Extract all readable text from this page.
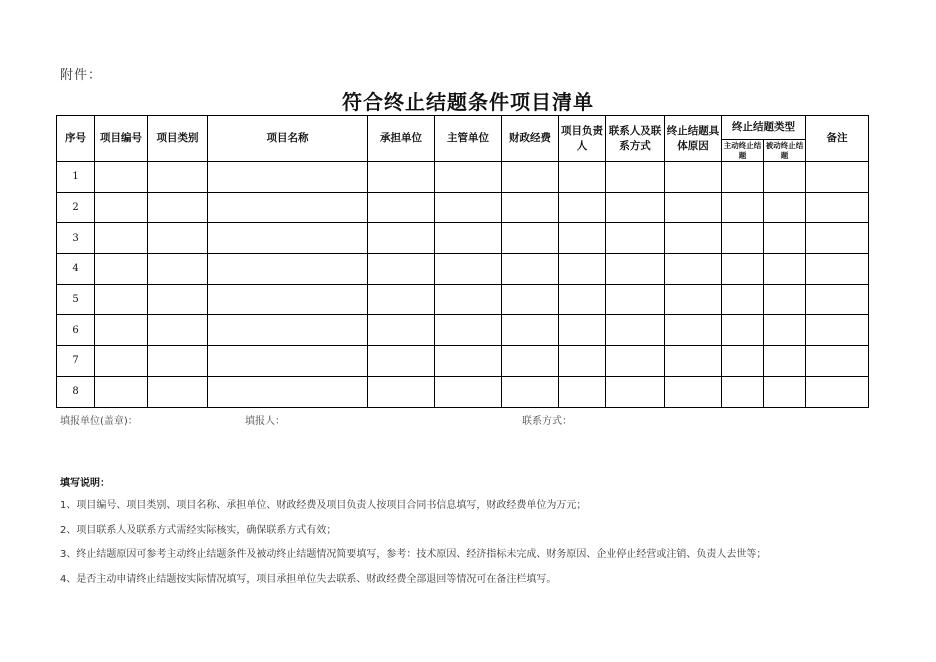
附件：
符合终止结题条件项目清单
序号	项目编号	项目类别	项目名称	承担单位	主管单位	财政经费	项目负责人	联系人及联系方式	终止结题具体原因	终止结题类型		备注
										主动终止结题	被动终止结题	
1												
2												
3												
4												
5												
6												
7												
8												
填报单位(盖章)：	填报人：	联系方式：
填写说明：
1、项目编号、项目类别、项目名称、承担单位、财政经费及项目负责人按项目合同书信息填写，财政经费单位为万元；
2、项目联系人及联系方式需经实际核实，确保联系方式有效；
3、终止结题原因可参考主动终止结题条件及被动终止结题情况简要填写，参考：技术原因、经济指标未完成、财务原因、企业停止经营或注销、负责人去世等；
4、是否主动申请终止结题按实际情况填写，项目承担单位失去联系、财政经费全部退回等情况可在备注栏填写。
